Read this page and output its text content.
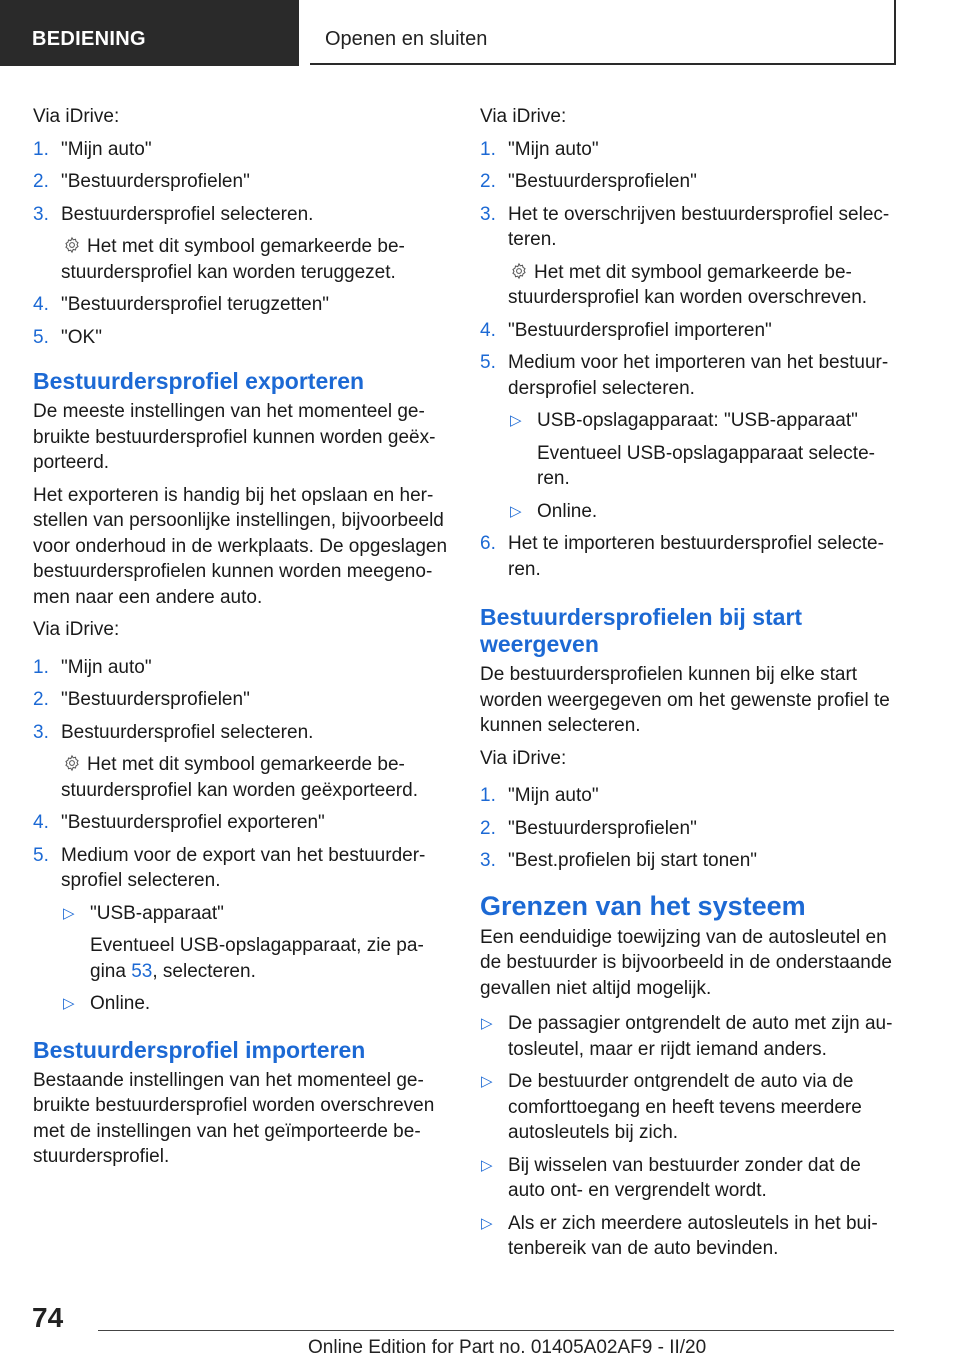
BEDIENING	Openen en sluiten

Via iDrive:

1. "Mijn auto"
2. "Bestuurdersprofielen"
3. Bestuurdersprofiel selecteren.
Het met dit symbool gemarkeerde bestuurdersprofiel kan worden teruggezet.
4. "Bestuurdersprofiel terugzetten"
5. "OK"
Bestuurdersprofiel exporteren

De meeste instellingen van het momenteel gebruikte bestuurdersprofiel kunnen worden geëxporteerd.

Het exporteren is handig bij het opslaan en herstellen van persoonlijke instellingen, bijvoorbeeld voor onderhoud in de werkplaats. De opgeslagen bestuurdersprofielen kunnen worden meegenomen naar een andere auto.

Via iDrive:

1. "Mijn auto"
2. "Bestuurdersprofielen"
3. Bestuurdersprofiel selecteren.
Het met dit symbool gemarkeerde bestuurdersprofiel kan worden geëxporteerd.
4. "Bestuurdersprofiel exporteren"
5. Medium voor de export van het bestuurdersprofiel selecteren.
▷ "USB-apparaat"
Eventueel USB-opslagapparaat, zie pagina 53, selecteren.
▷ Online.
Bestuurdersprofiel importeren

Bestaande instellingen van het momenteel gebruikte bestuurdersprofiel worden overschreven met de instellingen van het geïmporteerde bestuurdersprofiel.

Via iDrive:

1. "Mijn auto"
2. "Bestuurdersprofielen"
3. Het te overschrijven bestuurdersprofiel selecteren.
Het met dit symbool gemarkeerde bestuurdersprofiel kan worden overschreven.
4. "Bestuurdersprofiel importeren"
5. Medium voor het importeren van het bestuurdersprofiel selecteren.
▷ USB-opslagapparaat: "USB-apparaat"
Eventueel USB-opslagapparaat selecteren.
▷ Online.
6. Het te importeren bestuurdersprofiel selecteren.
Bestuurdersprofielen bij start weergeven

De bestuurdersprofielen kunnen bij elke start worden weergegeven om het gewenste profiel te kunnen selecteren.

Via iDrive:

1. "Mijn auto"
2. "Bestuurdersprofielen"
3. "Best.profielen bij start tonen"
Grenzen van het systeem

Een eenduidige toewijzing van de autosleutel en de bestuurder is bijvoorbeeld in de onderstaande gevallen niet altijd mogelijk.

▷ De passagier ontgrendelt de auto met zijn autosleutel, maar er rijdt iemand anders.
▷ De bestuurder ontgrendelt de auto via de comforttoegang en heeft tevens meerdere autosleutels bij zich.
▷ Bij wisselen van bestuurder zonder dat de auto ont- en vergrendelt wordt.
▷ Als er zich meerdere autosleutels in het buitenbereik van de auto bevinden.
74
Online Edition for Part no. 01405A02AF9 - II/20
